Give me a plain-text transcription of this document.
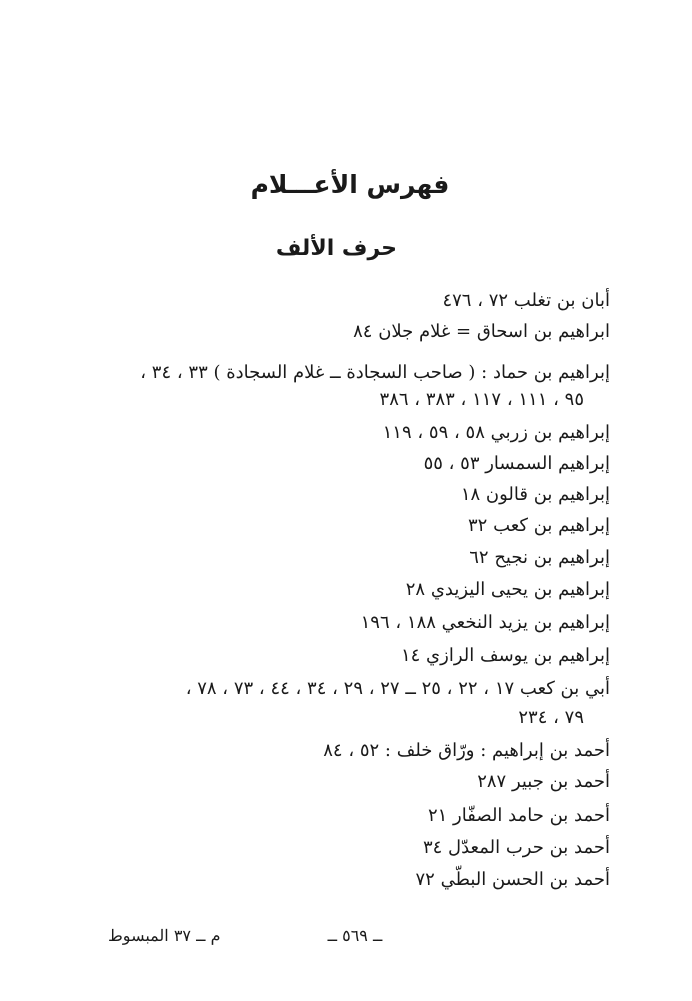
فهرس الأعـــلام
حرف الألف
أبان بن تغلب ٧٢ ، ٤٧٦
ابراهيم بن اسحاق = غلام جلان ٨٤
إبراهيم بن حماد : ( صاحب السجادة ــ غلام السجادة ) ٣٣ ، ٣٤ ،
٩٥ ، ١١١ ، ١١٧ ، ٣٨٣ ، ٣٨٦
إبراهيم بن زربي ٥٨ ، ٥٩ ، ١١٩
إبراهيم السمسار ٥٣ ، ٥٥
إبراهيم بن قالون ١٨
إبراهيم بن كعب ٣٢
إبراهيم بن نجيح ٦٢
إبراهيم بن يحيى اليزيدي ٢٨
إبراهيم بن يزيد النخعي ١٨٨ ، ١٩٦
إبراهيم بن يوسف الرازي ١٤
أبي بن كعب ١٧ ، ٢٢ ، ٢٥ ــ ٢٧ ، ٢٩ ، ٣٤ ، ٤٤ ، ٧٣ ، ٧٨ ،
٧٩ ، ٢٣٤
أحمد بن إبراهيم : ورّاق خلف : ٥٢ ، ٨٤
أحمد بن جبير ٢٨٧
أحمد بن حامد الصفّار ٢١
أحمد بن حرب المعدّل ٣٤
أحمد بن الحسن البطّي ٧٢
ــ ٥٦٩ ــ
م ــ ٣٧ المبسوط
